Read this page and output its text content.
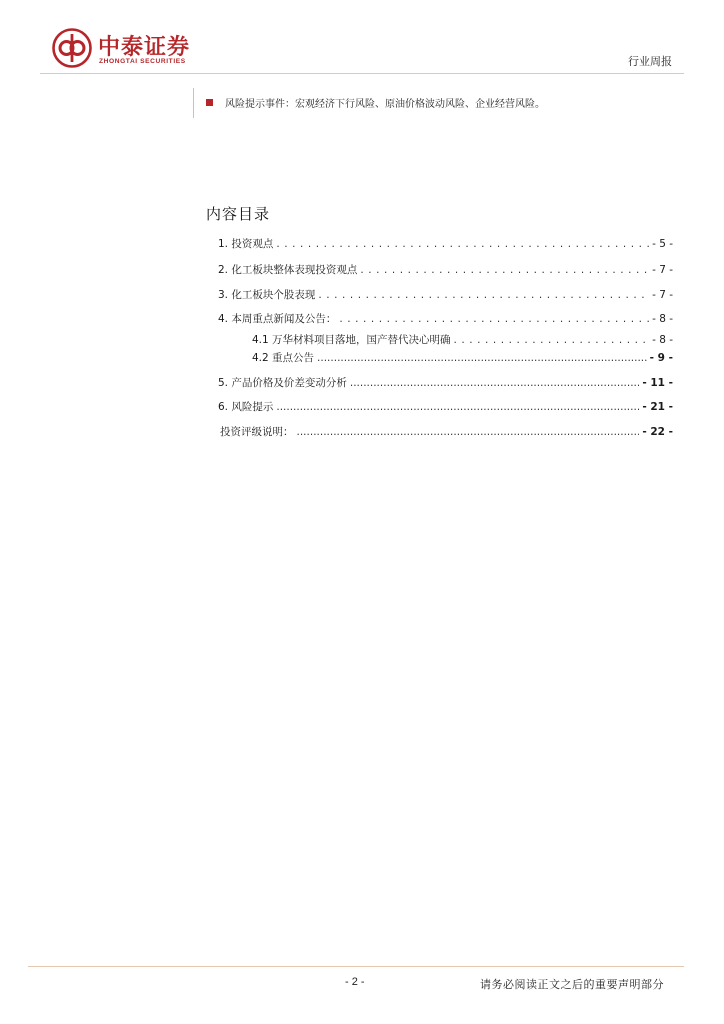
中泰证券
ZHONGTAI SECURITIES	行业周报
风险提示事件：宏观经济下行风险、原油价格波动风险、企业经营风险。
内容目录
1. 投资观点 . . .	- 5 -
2. 化工板块整体表现投资观点 . . .	- 7 -
3. 化工板块个股表现 . . .	- 7 -
4. 本周重点新闻及公告： . . .	- 8 -
4.1 万华材料项目落地，国产替代决心明确 . . .	- 8 -
4.2 重点公告 .....	- 9 -
5. 产品价格及价差变动分析 .....	- 11 -
6. 风险提示 .....	- 21 -
投资评级说明： .....	- 22 -
- 2 -	请务必阅读正文之后的重要声明部分
